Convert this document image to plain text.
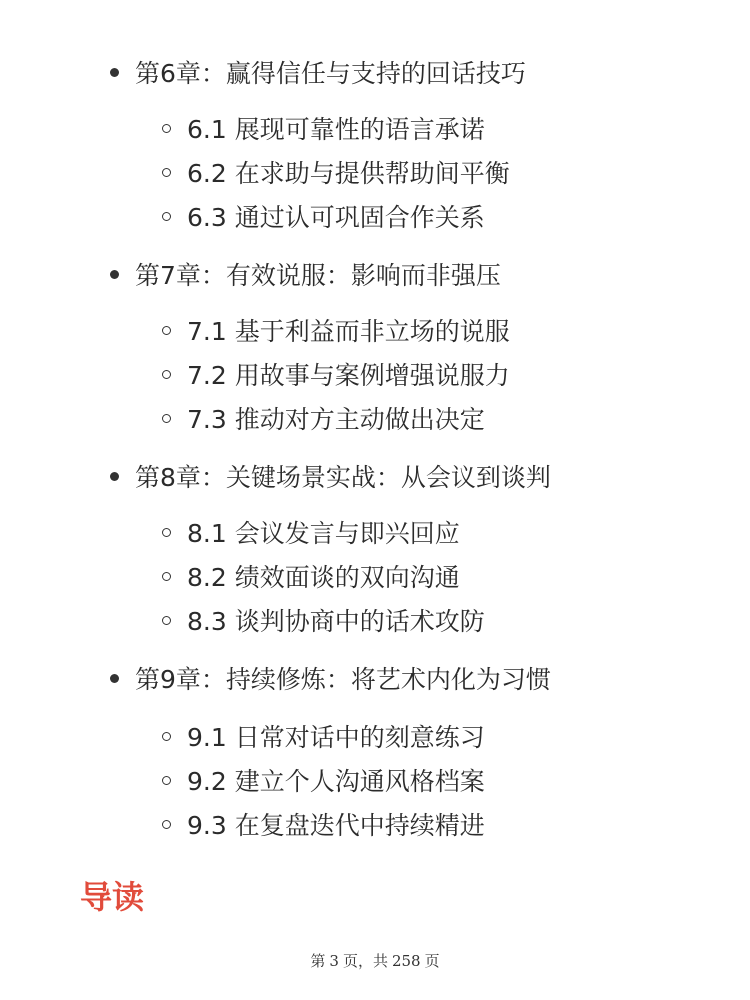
第6章：赢得信任与支持的回话技巧
6.1 展现可靠性的语言承诺
6.2 在求助与提供帮助间平衡
6.3 通过认可巩固合作关系
第7章：有效说服：影响而非强压
7.1 基于利益而非立场的说服
7.2 用故事与案例增强说服力
7.3 推动对方主动做出决定
第8章：关键场景实战：从会议到谈判
8.1 会议发言与即兴回应
8.2 绩效面谈的双向沟通
8.3 谈判协商中的话术攻防
第9章：持续修炼：将艺术内化为习惯
9.1 日常对话中的刻意练习
9.2 建立个人沟通风格档案
9.3 在复盘迭代中持续精进
导读
第 3 页，共 258 页
